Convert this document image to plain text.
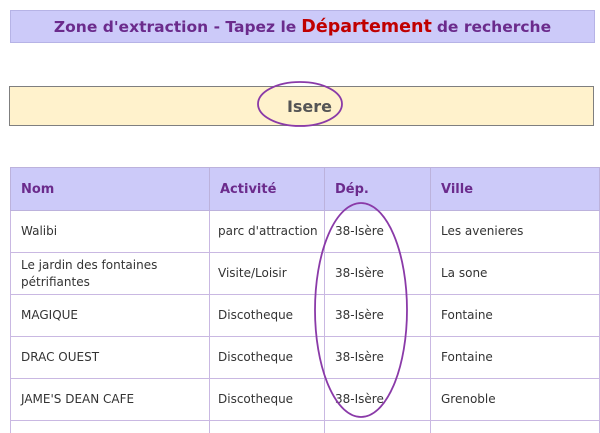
Zone d'extraction - Tapez le Département de recherche
Isere
Nom	Activité	Dép.	Ville
Walibi	parc d'attraction	38-Isère	Les avenieres
Le jardin des fontaines pétrifiantes	Visite/Loisir	38-Isère	La sone
MAGIQUE	Discotheque	38-Isère	Fontaine
DRAC OUEST	Discotheque	38-Isère	Fontaine
JAME'S DEAN CAFE	Discotheque	38-Isère	Grenoble
